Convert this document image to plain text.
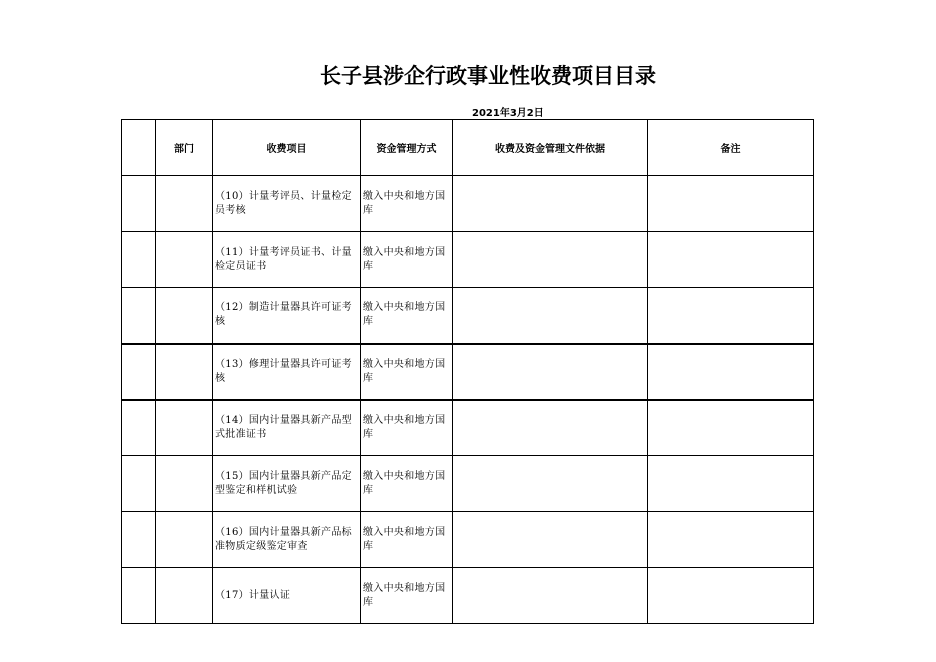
长子县涉企行政事业性收费项目目录
2021年3月2日
	部门	收费项目	资金管理方式	收费及资金管理文件依据	备注
		（10）计量考评员、计量检定员考核	缴入中央和地方国库		
		（11）计量考评员证书、计量检定员证书	缴入中央和地方国库		
		（12）制造计量器具许可证考核	缴入中央和地方国库		
		（13）修理计量器具许可证考核	缴入中央和地方国库		
		（14）国内计量器具新产品型式批准证书	缴入中央和地方国库		
		（15）国内计量器具新产品定型鉴定和样机试验	缴入中央和地方国库		
		（16）国内计量器具新产品标准物质定级鉴定审查	缴入中央和地方国库		
		（17）计量认证	缴入中央和地方国库		
